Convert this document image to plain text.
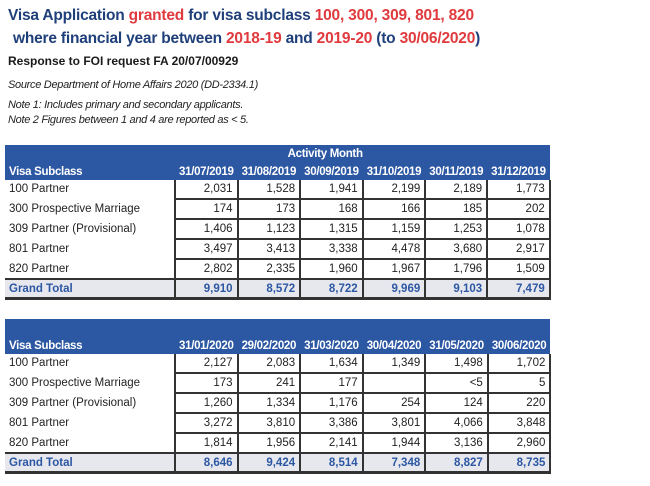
Visa Application granted for visa subclass 100, 300, 309, 801, 820
where financial year between 2018-19 and 2019-20 (to 30/06/2020)
Response to FOI request FA 20/07/00929
Source Department of Home Affairs 2020 (DD-2334.1)
Note 1: Includes primary and secondary applicants.
Note 2 Figures between 1 and 4 are reported as < 5.
	Activity Month					
Visa Subclass	31/07/2019	31/08/2019	30/09/2019	31/10/2019	30/11/2019	31/12/2019
100 Partner	2,031	1,528	1,941	2,199	2,189	1,773
300 Prospective Marriage	174	173	168	166	185	202
309 Partner (Provisional)	1,406	1,123	1,315	1,159	1,253	1,078
801 Partner	3,497	3,413	3,338	4,478	3,680	2,917
820 Partner	2,802	2,335	1,960	1,967	1,796	1,509
Grand Total	9,910	8,572	8,722	9,969	9,103	7,479

Visa Subclass	31/01/2020	29/02/2020	31/03/2020	30/04/2020	31/05/2020	30/06/2020
100 Partner	2,127	2,083	1,634	1,349	1,498	1,702
300 Prospective Marriage	173	241	177		<5	5
309 Partner (Provisional)	1,260	1,334	1,176	254	124	220
801 Partner	3,272	3,810	3,386	3,801	4,066	3,848
820 Partner	1,814	1,956	2,141	1,944	3,136	2,960
Grand Total	8,646	9,424	8,514	7,348	8,827	8,735
